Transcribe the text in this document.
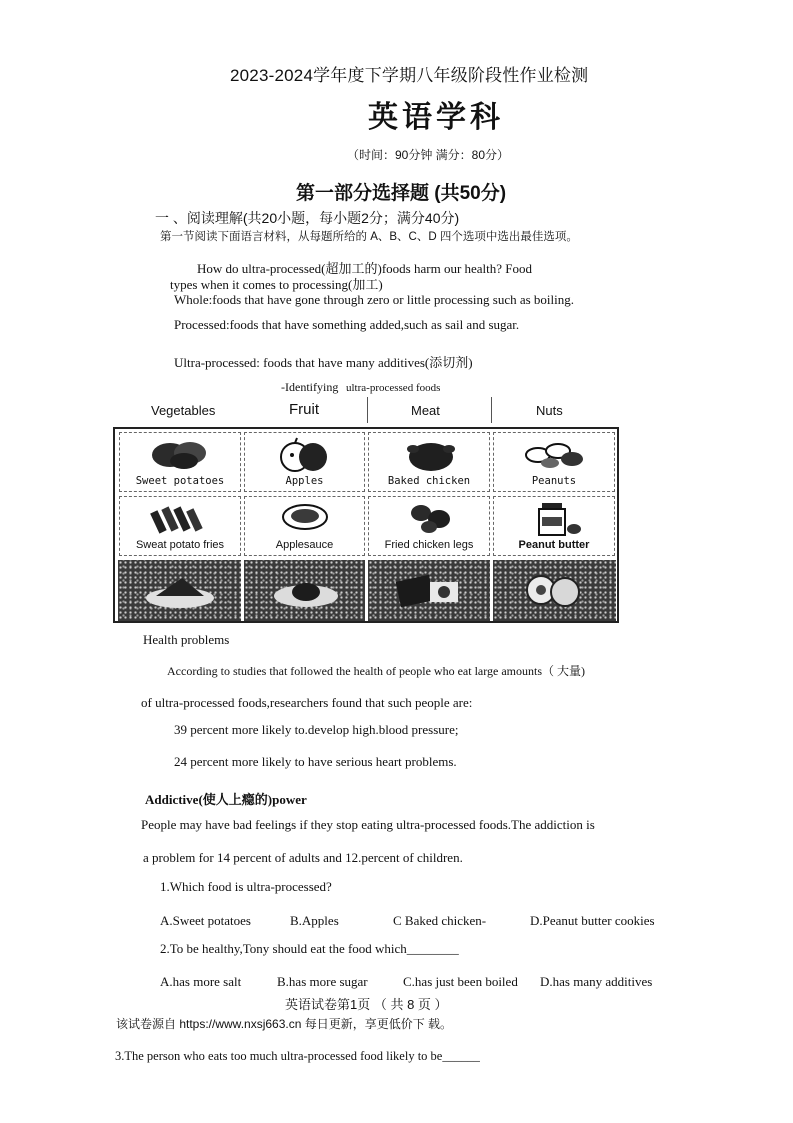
2023-2024学年度下学期八年级阶段性作业检测
英语学科
（时间：90分钟 满分：80分）
第一部分选择题 (共50分)
一 、阅读理解(共20小题，每小题2分；满分40分)
第一节阅读下面语言材料，从每题所给的 A、B、C、D 四个选项中选出最佳选项。
How do ultra-processed(超加工的)foods harm our health? Food
types when it comes to processing(加工)
Whole:foods that have gone through zero or little processing such as boiling.
Processed:foods that have something added,such as sail and sugar.
Ultra-processed: foods that have many additives(添切剂)
-Identifying ultra-processed foods
Vegetables	Fruit	Meat	Nuts
Sweet potatoes	Apples	Baked chicken	Peanuts
Sweat potato fries	Applesauce	Fried chicken legs	Peanut butter
Health problems
According to studies that followed the health of people who eat large amounts（ 大量)
of ultra-processed foods,researchers found that such people are:
39 percent more likely to.develop high.blood pressure;
24 percent more likely to have serious heart problems.
Addictive(使人上瘾的)power
People may have bad feelings if they stop eating ultra-processed foods.The addiction is
a problem for 14 percent of adults and 12.percent of children.
1.Which food is ultra-processed?
A.Sweet potatoes	B.Apples	C Baked chicken-	D.Peanut butter cookies
2.To be healthy,Tony should eat the food which________
A.has more salt	B.has more sugar	C.has just been boiled D.has many additives
英语试卷第1页 （ 共 8 页 ）
该试卷源自 https://www.nxsj663.cn 每日更新，享更低价下 载。
3.The person who eats too much ultra-processed food likely to be______
